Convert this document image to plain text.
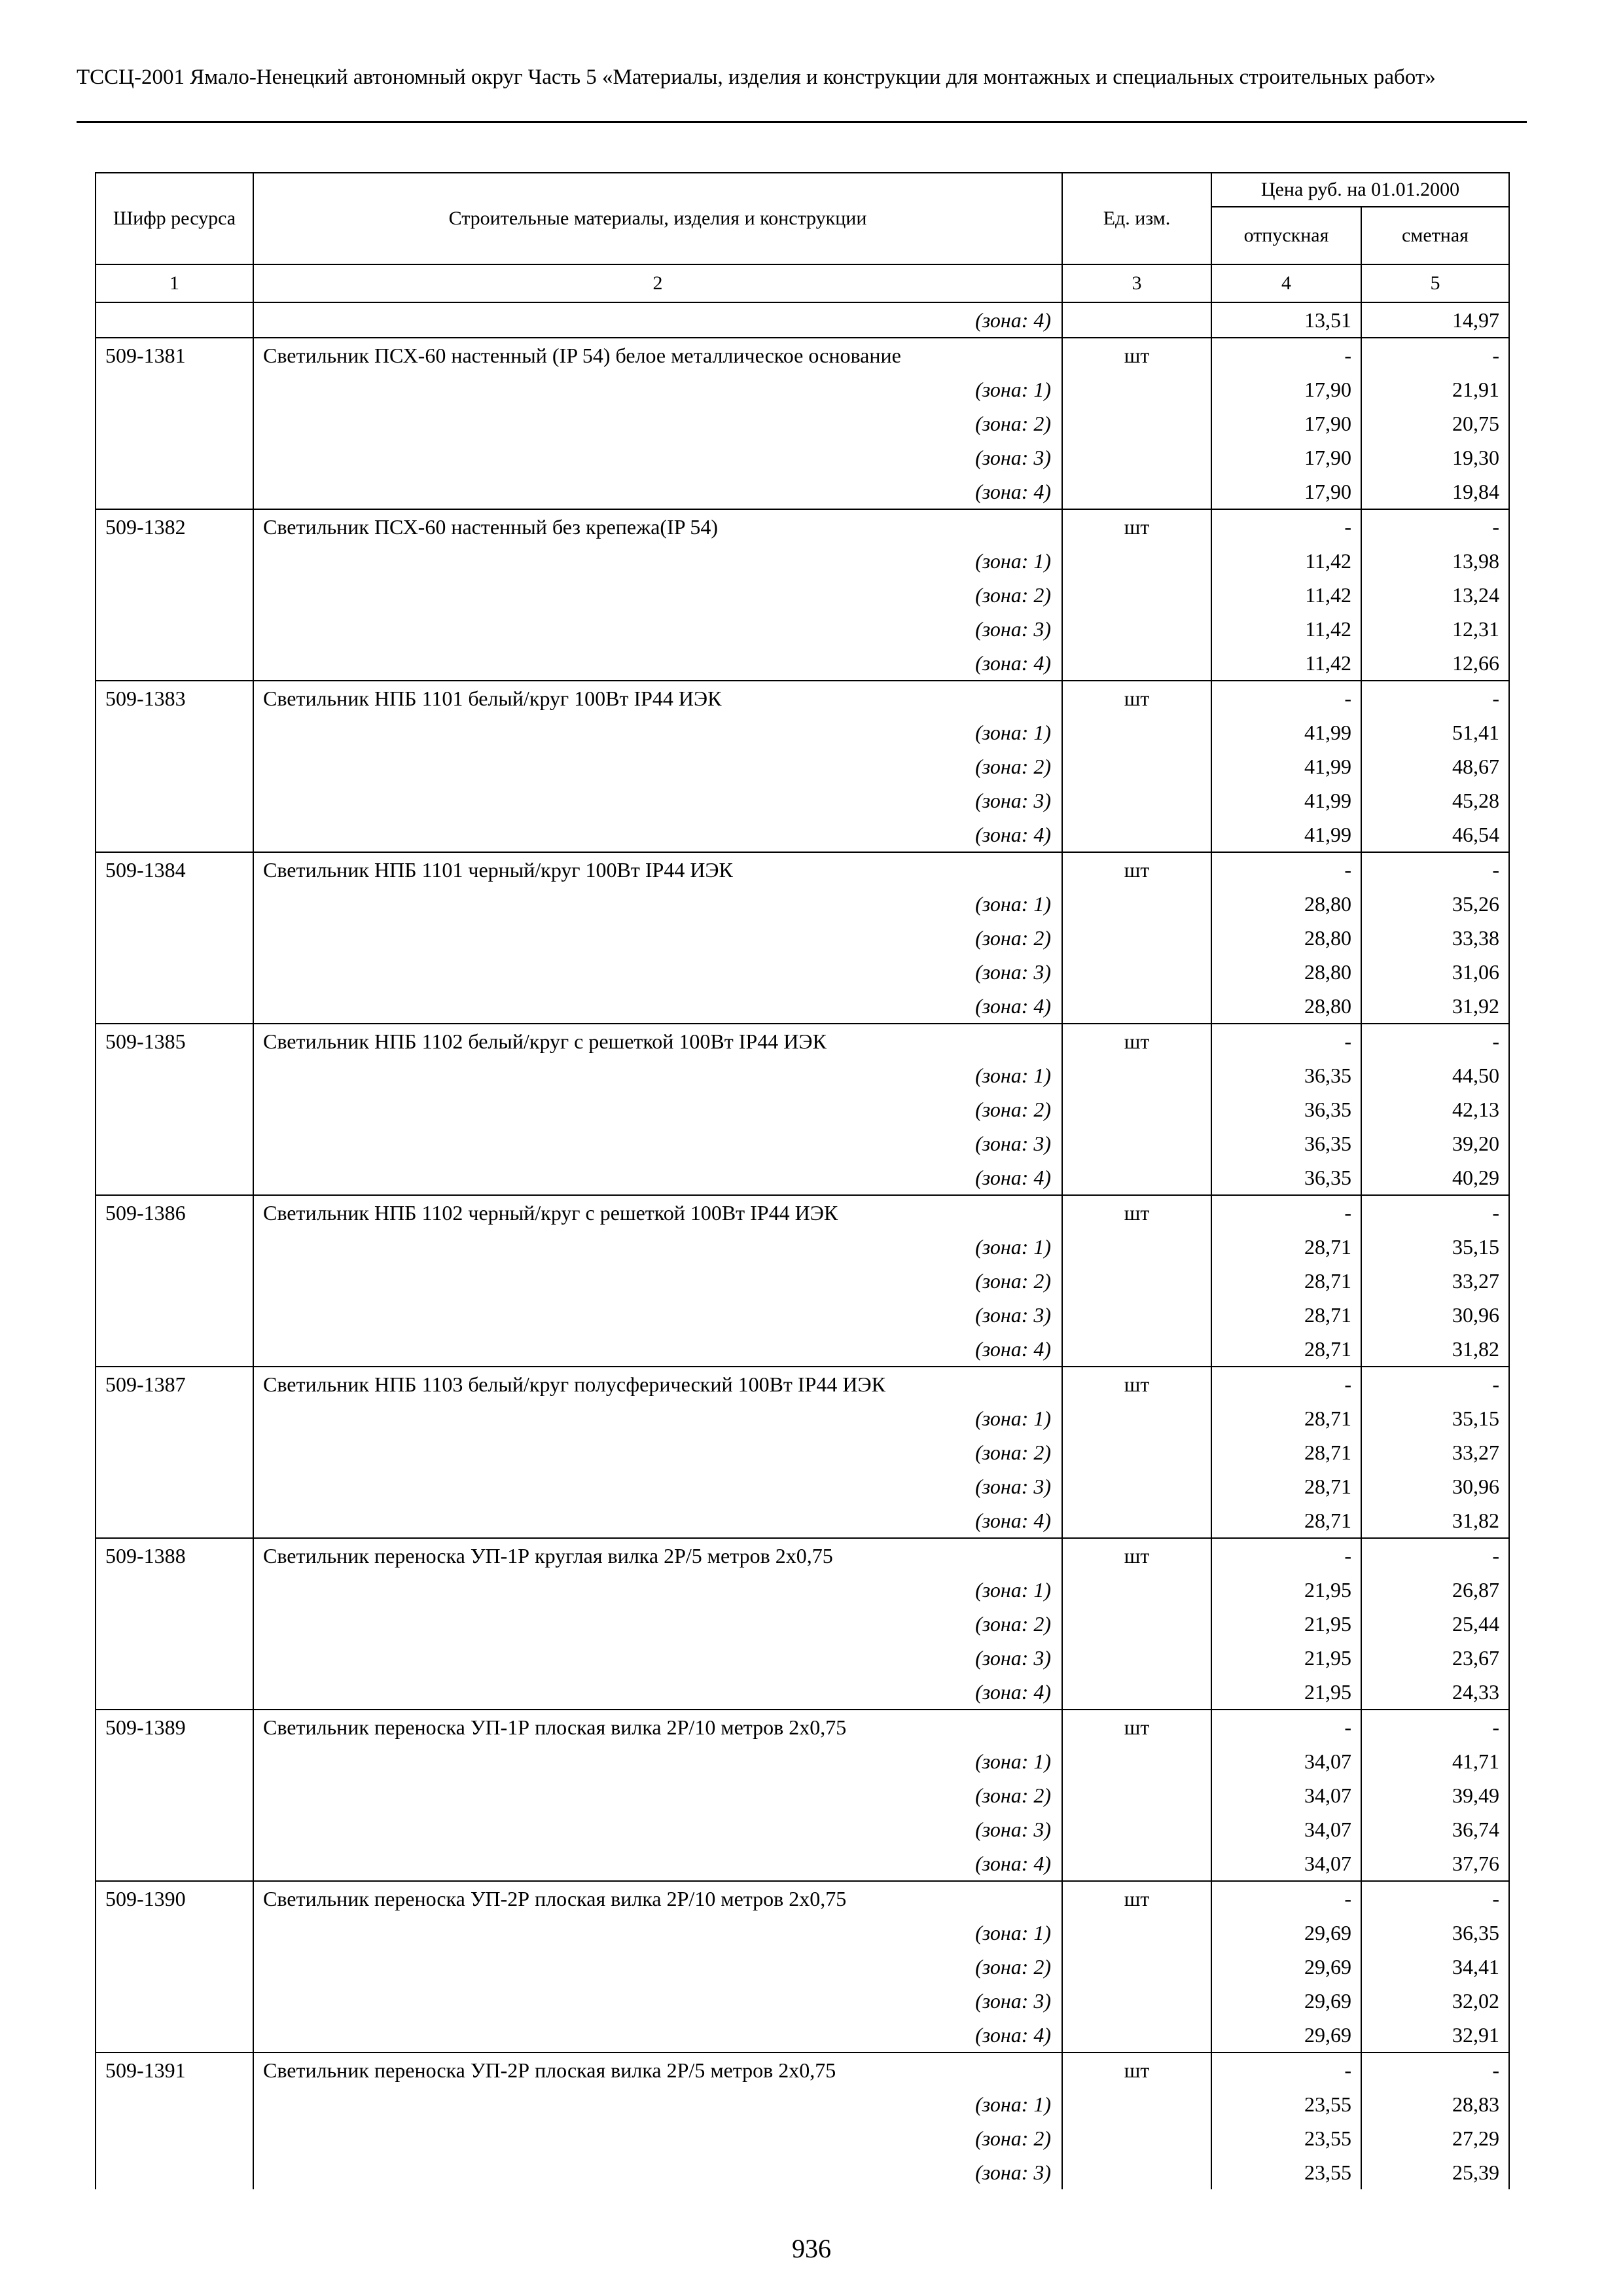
ТССЦ-2001 Ямало-Ненецкий автономный округ Часть 5 «Материалы, изделия и конструкции для монтажных и специальных строительных работ»
Шифр ресурса	Строительные материалы, изделия и конструкции	Ед. изм.	Цена руб. на 01.01.2000	
			отпускная	сметная
1	2	3	4	5
	(зона: 4)		13,51	14,97
509-1381	Светильник ПСХ-60 настенный (IP 54) белое металлическое основание	шт	-	-
	(зона: 1)		17,90	21,91
	(зона: 2)		17,90	20,75
	(зона: 3)		17,90	19,30
	(зона: 4)		17,90	19,84
509-1382	Светильник ПСХ-60 настенный без крепежа(IP 54)	шт	-	-
	(зона: 1)		11,42	13,98
	(зона: 2)		11,42	13,24
	(зона: 3)		11,42	12,31
	(зона: 4)		11,42	12,66
509-1383	Светильник НПБ 1101 белый/круг 100Вт IP44 ИЭК	шт	-	-
	(зона: 1)		41,99	51,41
	(зона: 2)		41,99	48,67
	(зона: 3)		41,99	45,28
	(зона: 4)		41,99	46,54
509-1384	Светильник НПБ 1101 черный/круг 100Вт IP44 ИЭК	шт	-	-
	(зона: 1)		28,80	35,26
	(зона: 2)		28,80	33,38
	(зона: 3)		28,80	31,06
	(зона: 4)		28,80	31,92
509-1385	Светильник НПБ 1102 белый/круг с решеткой 100Вт IP44 ИЭК	шт	-	-
	(зона: 1)		36,35	44,50
	(зона: 2)		36,35	42,13
	(зона: 3)		36,35	39,20
	(зона: 4)		36,35	40,29
509-1386	Светильник НПБ 1102 черный/круг с решеткой 100Вт IP44 ИЭК	шт	-	-
	(зона: 1)		28,71	35,15
	(зона: 2)		28,71	33,27
	(зона: 3)		28,71	30,96
	(зона: 4)		28,71	31,82
509-1387	Светильник НПБ 1103 белый/круг полусферический 100Вт IP44 ИЭК	шт	-	-
	(зона: 1)		28,71	35,15
	(зона: 2)		28,71	33,27
	(зона: 3)		28,71	30,96
	(зона: 4)		28,71	31,82
509-1388	Светильник переноска УП-1Р круглая вилка 2Р/5 метров 2х0,75	шт	-	-
	(зона: 1)		21,95	26,87
	(зона: 2)		21,95	25,44
	(зона: 3)		21,95	23,67
	(зона: 4)		21,95	24,33
509-1389	Светильник переноска УП-1Р плоская вилка 2Р/10 метров 2х0,75	шт	-	-
	(зона: 1)		34,07	41,71
	(зона: 2)		34,07	39,49
	(зона: 3)		34,07	36,74
	(зона: 4)		34,07	37,76
509-1390	Светильник переноска УП-2Р плоская вилка 2Р/10 метров 2х0,75	шт	-	-
	(зона: 1)		29,69	36,35
	(зона: 2)		29,69	34,41
	(зона: 3)		29,69	32,02
	(зона: 4)		29,69	32,91
509-1391	Светильник переноска УП-2Р плоская вилка 2Р/5 метров 2х0,75	шт	-	-
	(зона: 1)		23,55	28,83
	(зона: 2)		23,55	27,29
	(зона: 3)		23,55	25,39
936
